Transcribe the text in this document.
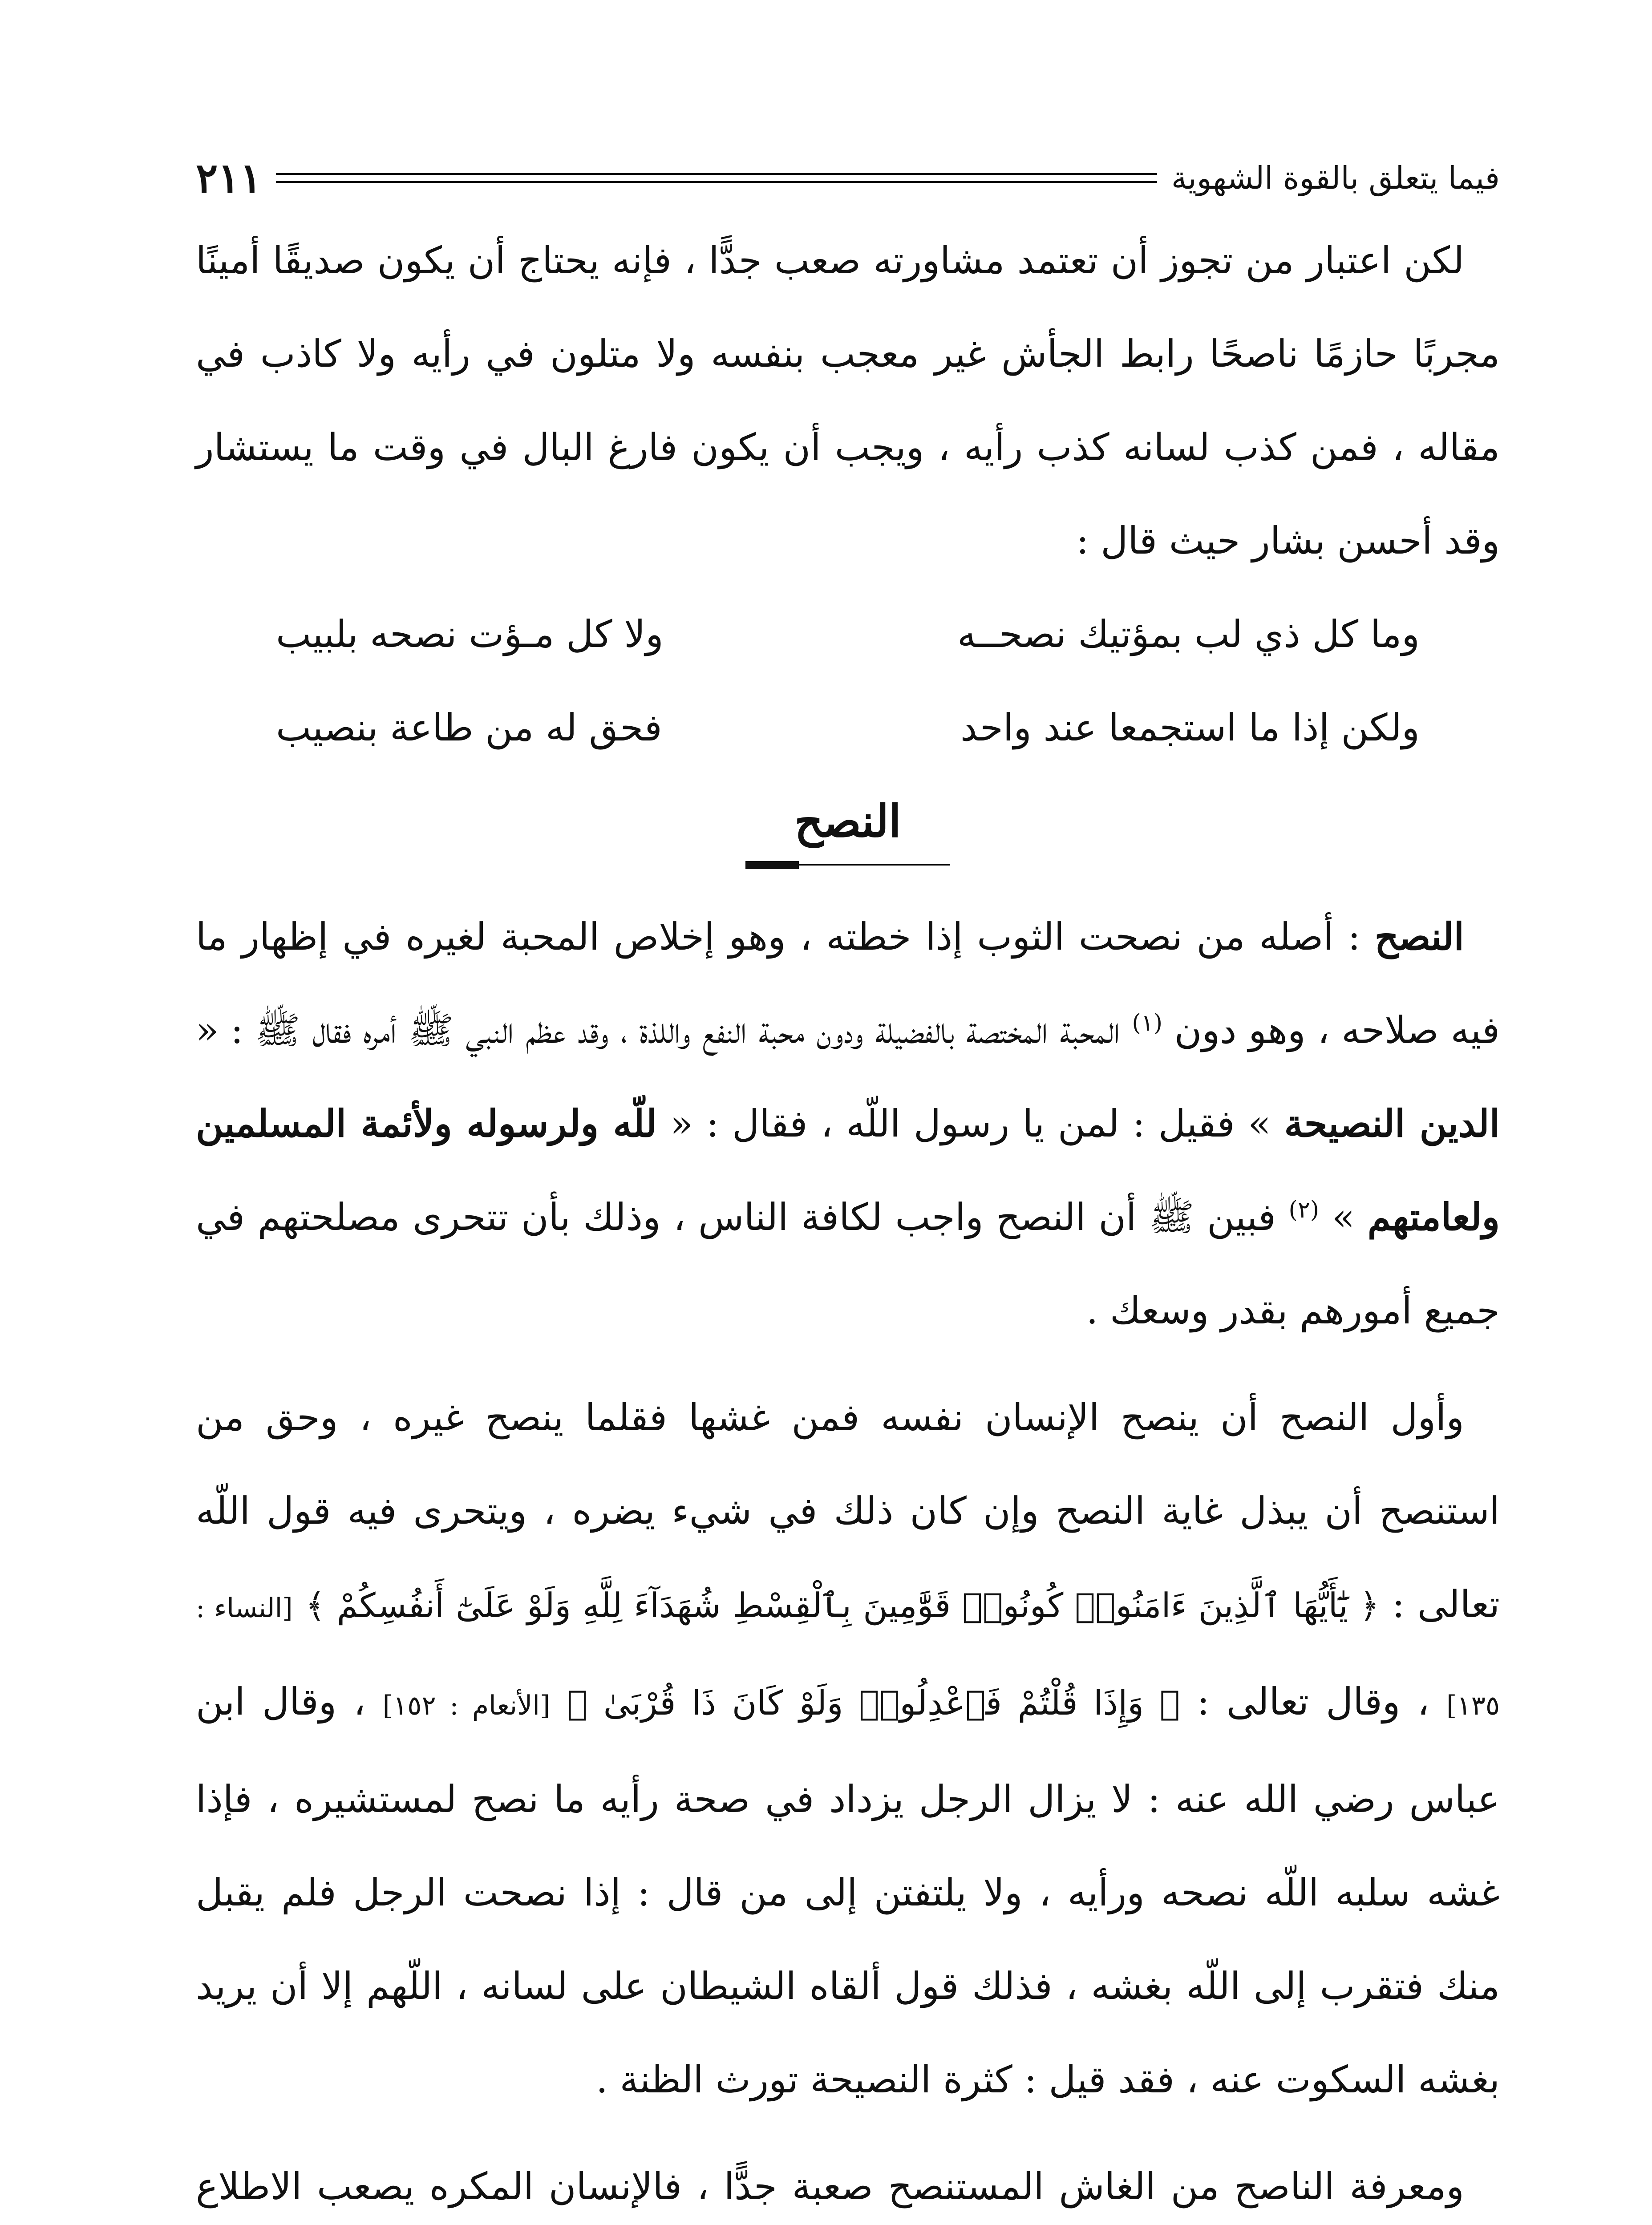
فيما يتعلق بالقوة الشهوية
٢١١

لكن اعتبار من تجوز أن تعتمد مشاورته صعب جدًّا ، فإنه يحتاج أن يكون صديقًا أمينًا مجربًا حازمًا ناصحًا رابط الجأش غير معجب بنفسه ولا متلون في رأيه ولا كاذب في مقاله ، فمن كذب لسانه كذب رأيه ، ويجب أن يكون فارغ البال في وقت ما يستشار وقد أحسن بشار حيث قال :

وما كل ذي لب بمؤتيك نصحــه
ولا كل مـؤت نصحه بلبيب
ولكن إذا ما استجمعا عند واحد
فحق له من طاعة بنصيب
النصح

النصح : أصله من نصحت الثوب إذا خطته ، وهو إخلاص المحبة لغيره في إظهار ما فيه صلاحه ، وهو دون $^{(١)}$ المحبة المختصة بالفضيلة ودون محبة النفع واللذة ، وقد عظم النبي ﷺ أمره فقال ﷺ : « الدين النصيحة » فقيل : لمن يا رسول اللّه ، فقال : « للّه ولرسوله ولأئمة المسلمين ولعامتهم » $^{(٢)}$ فبين ﷺ أن النصح واجب لكافة الناس ، وذلك بأن تتحرى مصلحتهم في جميع أمورهم بقدر وسعك .

وأول النصح أن ينصح الإنسان نفسه فمن غشها فقلما ينصح غيره ، وحق من استنصح أن يبذل غاية النصح وإن كان ذلك في شيء يضره ، ويتحرى فيه قول اللّه تعالى : ﴿ يَٰٓأَيُّهَا ٱلَّذِينَ ءَامَنُوا۟ كُونُوا۟ قَوَّٰمِينَ بِٱلْقِسْطِ شُهَدَآءَ لِلَّهِ وَلَوْ عَلَىٰٓ أَنفُسِكُمْ ﴾ [النساء : ١٣٥] ، وقال تعالى : ﴿ وَإِذَا قُلْتُمْ فَٱعْدِلُوا۟ وَلَوْ كَانَ ذَا قُرْبَىٰ ﴾ [الأنعام : ١٥٢] ، وقال ابن عباس رضي الله عنه : لا يزال الرجل يزداد في صحة رأيه ما نصح لمستشيره ، فإذا غشه سلبه اللّه نصحه ورأيه ، ولا يلتفتن إلى من قال : إذا نصحت الرجل فلم يقبل منك فتقرب إلى اللّه بغشه ، فذلك قول ألقاه الشيطان على لسانه ، اللّهم إلا أن يريد بغشه السكوت عنه ، فقد قيل : كثرة النصيحة تورث الظنة .

ومعرفة الناصح من الغاش المستنصح صعبة جدًّا ، فالإنسان المكره يصعب الاطلاع
